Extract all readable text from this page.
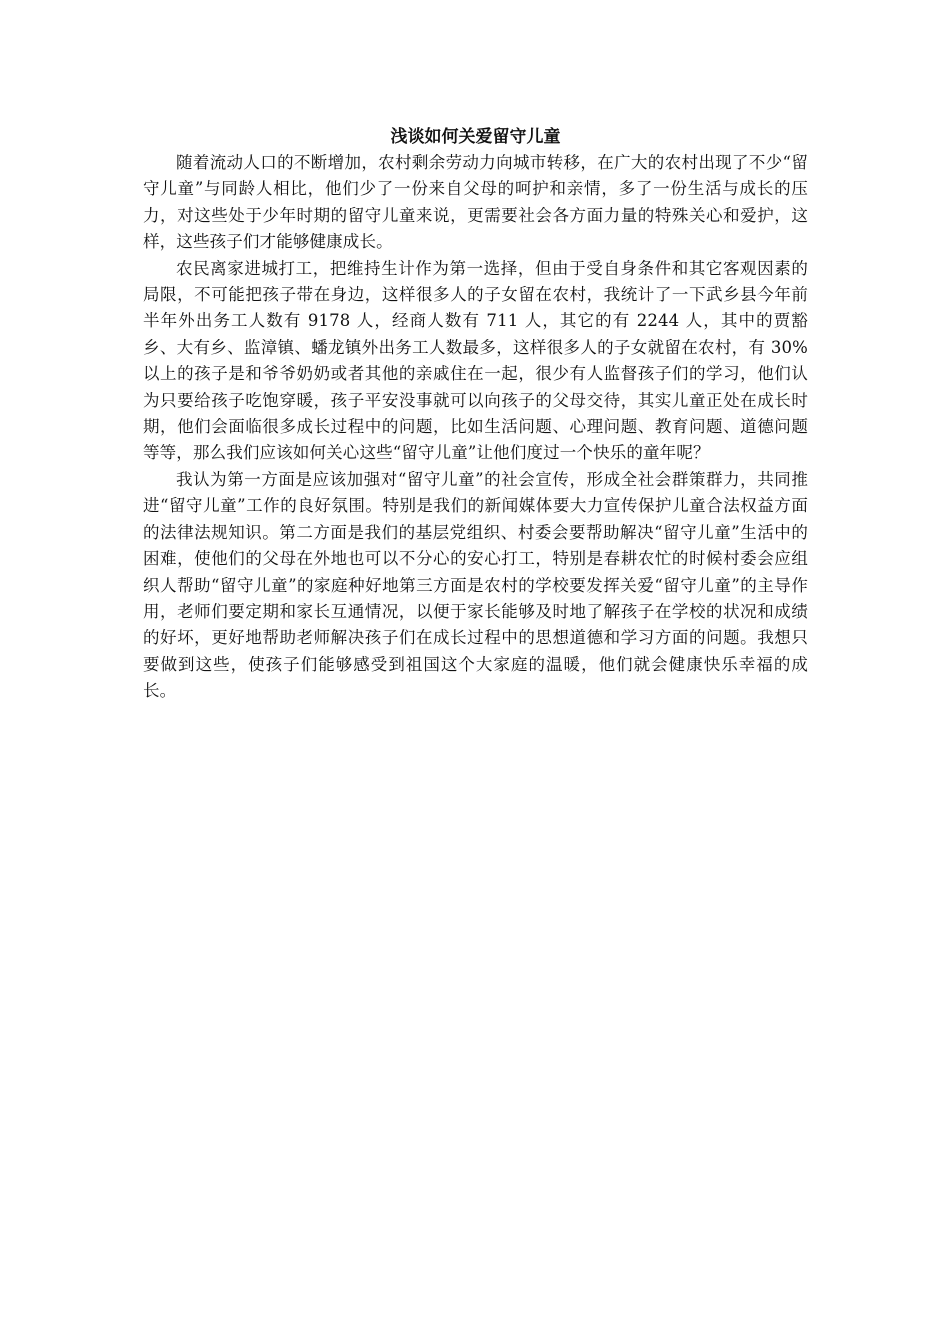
浅谈如何关爱留守儿童

随着流动人口的不断增加，农村剩余劳动力向城市转移，在广大的农村出现了不少“留守儿童”与同龄人相比，他们少了一份来自父母的呵护和亲情，多了一份生活与成长的压力，对这些处于少年时期的留守儿童来说，更需要社会各方面力量的特殊关心和爱护，这样，这些孩子们才能够健康成长。

农民离家进城打工，把维持生计作为第一选择，但由于受自身条件和其它客观因素的局限，不可能把孩子带在身边，这样很多人的子女留在农村，我统计了一下武乡县今年前半年外出务工人数有 9178 人，经商人数有 711 人，其它的有 2244 人，其中的贾豁乡、大有乡、监漳镇、蟠龙镇外出务工人数最多，这样很多人的子女就留在农村，有 30%以上的孩子是和爷爷奶奶或者其他的亲戚住在一起，很少有人监督孩子们的学习，他们认为只要给孩子吃饱穿暖，孩子平安没事就可以向孩子的父母交待，其实儿童正处在成长时期，他们会面临很多成长过程中的问题，比如生活问题、心理问题、教育问题、道德问题等等，那么我们应该如何关心这些“留守儿童”让他们度过一个快乐的童年呢？

我认为第一方面是应该加强对“留守儿童”的社会宣传，形成全社会群策群力，共同推进“留守儿童”工作的良好氛围。特别是我们的新闻媒体要大力宣传保护儿童合法权益方面的法律法规知识。第二方面是我们的基层党组织、村委会要帮助解决“留守儿童”生活中的困难，使他们的父母在外地也可以不分心的安心打工，特别是春耕农忙的时候村委会应组织人帮助“留守儿童”的家庭种好地第三方面是农村的学校要发挥关爱“留守儿童”的主导作用，老师们要定期和家长互通情况，以便于家长能够及时地了解孩子在学校的状况和成绩的好坏，更好地帮助老师解决孩子们在成长过程中的思想道德和学习方面的问题。我想只要做到这些，使孩子们能够感受到祖国这个大家庭的温暖，他们就会健康快乐幸福的成长。
